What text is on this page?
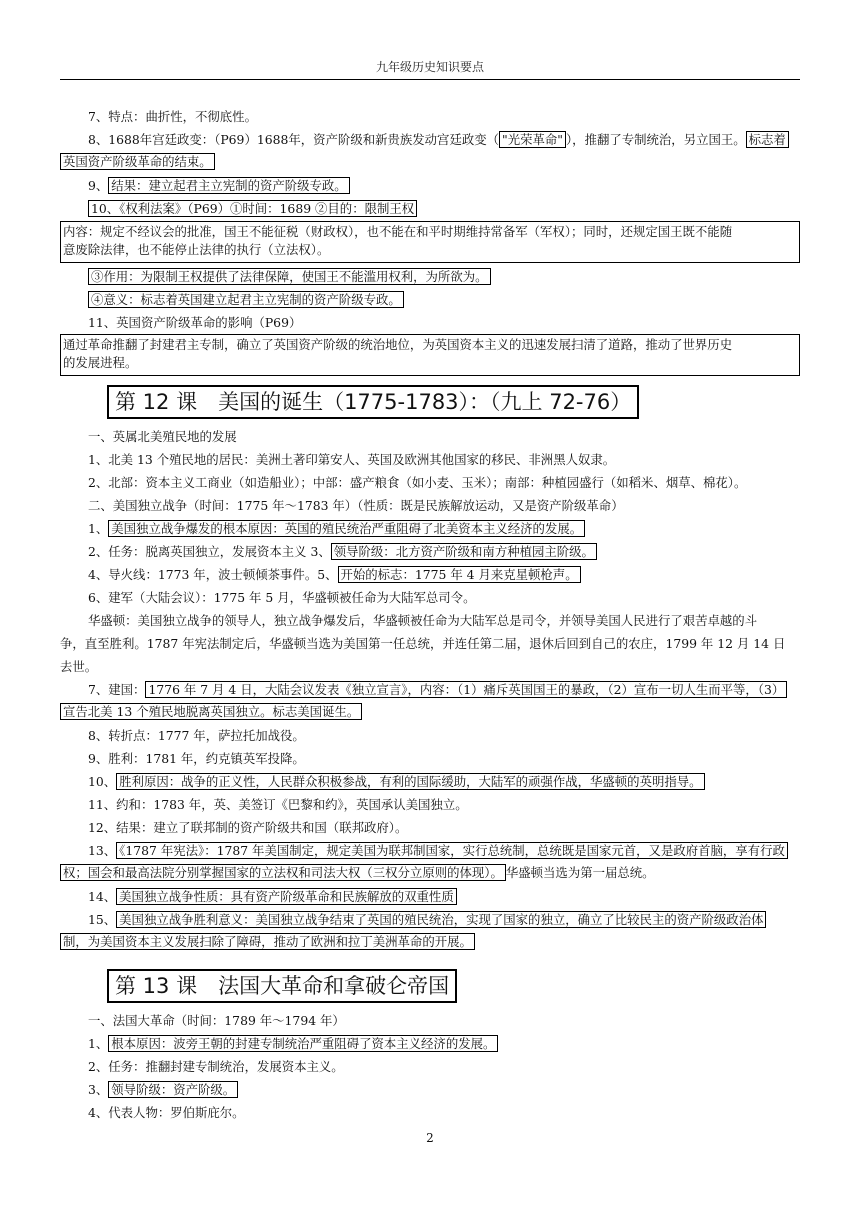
九年级历史知识要点
7、特点：曲折性，不彻底性。
8、1688年宫廷政变：（P69）1688年，资产阶级和新贵族发动宫廷政变（ "光荣革命" ），推翻了专制统治，另立国王。 标志着
英国资产阶级革命的结束。
9、 结果：建立起君主立宪制的资产阶级专政。
10、《权利法案》（P69）①时间：1689 ②目的：限制王权
内容：规定不经议会的批准，国王不能征税（财政权），也不能在和平时期维持常备军（军权）；同时，还规定国王既不能随
意废除法律，也不能停止法律的执行（立法权）。
③作用：为限制王权提供了法律保障，使国王不能滥用权利，为所欲为。
④意义：标志着英国建立起君主立宪制的资产阶级专政。
11、英国资产阶级革命的影响（P69）
通过革命推翻了封建君主专制，确立了英国资产阶级的统治地位，为英国资本主义的迅速发展扫清了道路，推动了世界历史
的发展进程。
第 12 课　美国的诞生（1775-1783）：（九上 72-76）
一、英属北美殖民地的发展
1、北美 13 个殖民地的居民：美洲土著印第安人、英国及欧洲其他国家的移民、非洲黑人奴隶。
2、北部：资本主义工商业（如造船业）；中部：盛产粮食（如小麦、玉米）；南部：种植园盛行（如稻米、烟草、棉花）。
二、美国独立战争（时间：1775 年～1783 年）（性质：既是民族解放运动，又是资产阶级革命）
1、 美国独立战争爆发的根本原因：英国的殖民统治严重阻碍了北美资本主义经济的发展。
2、任务：脱离英国独立，发展资本主义 3、 领导阶级：北方资产阶级和南方种植园主阶级。
4、导火线：1773 年，波士顿倾茶事件。5、 开始的标志：1775 年 4 月来克星顿枪声。
6、建军（大陆会议）：1775 年 5 月，华盛顿被任命为大陆军总司令。
华盛顿：美国独立战争的领导人，独立战争爆发后，华盛顿被任命为大陆军总是司令，并领导美国人民进行了艰苦卓越的斗
争，直至胜利。1787 年宪法制定后，华盛顿当选为美国第一任总统，并连任第二届，退休后回到自己的农庄，1799 年 12 月 14 日
去世。
7、建国： 1776 年 7 月 4 日，大陆会议发表《独立宣言》，内容：（1）痛斥英国国王的暴政，（2）宣布一切人生而平等，（3）
宣告北美 13 个殖民地脱离英国独立。标志美国诞生。
8、转折点：1777 年，萨拉托加战役。
9、胜利：1781 年，约克镇英军投降。
10、 胜利原因：战争的正义性，人民群众积极参战，有利的国际缓助，大陆军的顽强作战，华盛顿的英明指导。
11、约和：1783 年，英、美签订《巴黎和约》，英国承认美国独立。
12、结果：建立了联邦制的资产阶级共和国（联邦政府）。
13、 《1787 年宪法》：1787 年美国制定，规定美国为联邦制国家，实行总统制，总统既是国家元首，又是政府首脑，享有行政
权；国会和最高法院分别掌握国家的立法权和司法大权（三权分立原则的体现）。 华盛顿当选为第一届总统。
14、 美国独立战争性质：具有资产阶级革命和民族解放的双重性质
15、 美国独立战争胜利意义：美国独立战争结束了英国的殖民统治，实现了国家的独立，确立了比较民主的资产阶级政治体
制，为美国资本主义发展扫除了障碍，推动了欧洲和拉丁美洲革命的开展。
第 13 课　法国大革命和拿破仑帝国
一、法国大革命（时间：1789 年～1794 年）
1、 根本原因：波旁王朝的封建专制统治严重阻碍了资本主义经济的发展。
2、任务：推翻封建专制统治，发展资本主义。
3、 领导阶级：资产阶级。
4、代表人物：罗伯斯庇尔。
2
